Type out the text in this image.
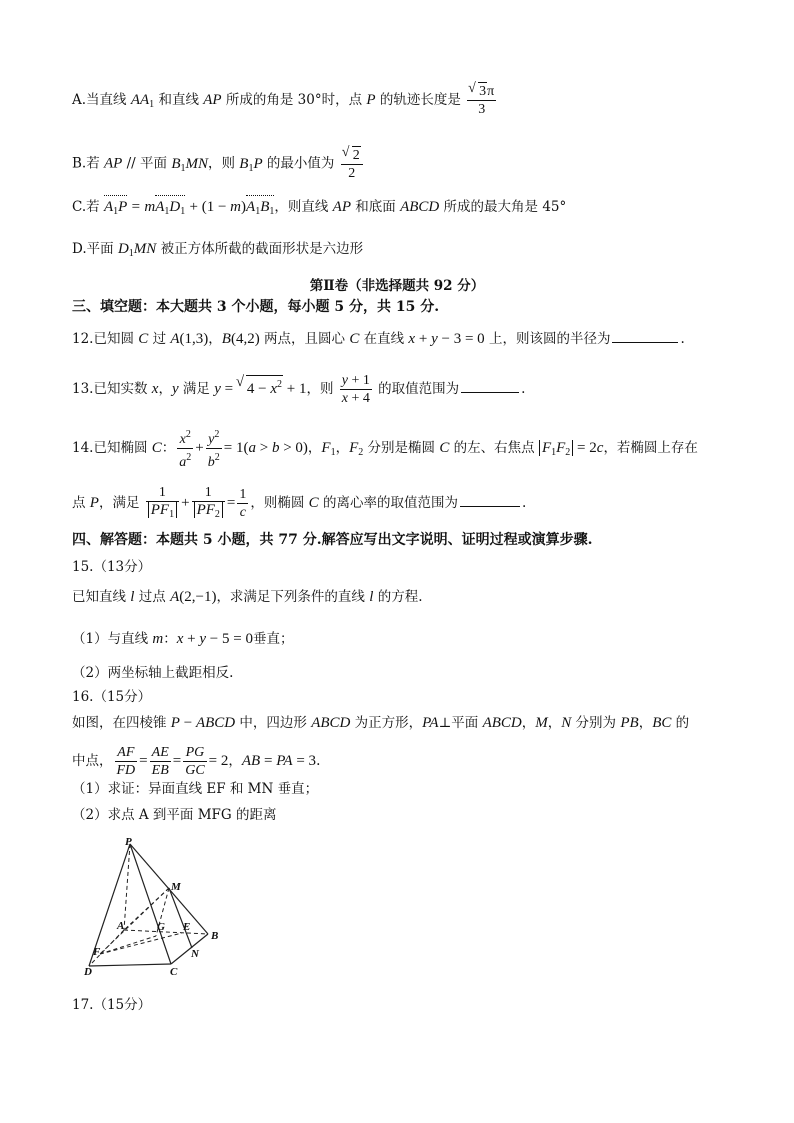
A.当直线 $AA_1$ 和直线 AP 所成的角是 30°时，点 P 的轨迹长度是 √ $\frac{3\pi}{3}$
B.若 AP // 平面 $B_1MN$，则 $B_1P$ 的最小值为 √ $\frac{2}{2}$
C.若 $A_1P = mA_1D_1 + (1 - m)A_1B_1$，则直线 AP 和底面 ABCD 所成的最大角是 45°
D.平面 $D_1MN$ 被正方体所截的截面形状是六边形
第Ⅱ卷（非选择题共 92 分）
三、填空题：本大题共 3 个小题，每小题 5 分，共 15 分.
12.已知圆 C 过 A(1,3)，B(4,2) 两点，且圆心 C 在直线 x + y − 3 = 0 上，则该圆的半径为	.
13.已知实数 x，y 满足 y = √ $4 - x^2 + 1$，则 $\frac{y + 1}{x + 4}$ 的取值范围为	.
14.已知椭圆 C： $\frac{x^2}{a^2} + \frac{y^2}{b^2} = 1(a > b > 0)$，$F_1$，$F_2$ 分别是椭圆 C 的左、右焦点 $F_1F_2 = 2c$，若椭圆上存在
点 P，满足 $\frac{1}{PF_1} + \frac{1}{PF_2} = \frac{1}{c}$ ，则椭圆 C 的离心率的取值范围为	.
四、解答题：本题共 5 小题，共 77 分.解答应写出文字说明、证明过程或演算步骤.
15.（13分）
已知直线 l 过点 A(2,−1)，求满足下列条件的直线 l 的方程.
（1）与直线 m：x + y − 5 = 0垂直；
（2）两坐标轴上截距相反.
16.（15分）
如图，在四棱锥 P − ABCD 中，四边形 ABCD 为正方形，PA⊥平面 ABCD，M，N 分别为 PB，BC 的
中点， $\frac{AF}{FD} = \frac{AE}{EB} = \frac{PG}{GC} = 2$，AB = PA = 3.
（1）求证：异面直线 EF 和 MN 垂直；
（2）求点 A 到平面 MFG 的距离
P
M
A	G E
B
F	N
D	C
17.（15分）
